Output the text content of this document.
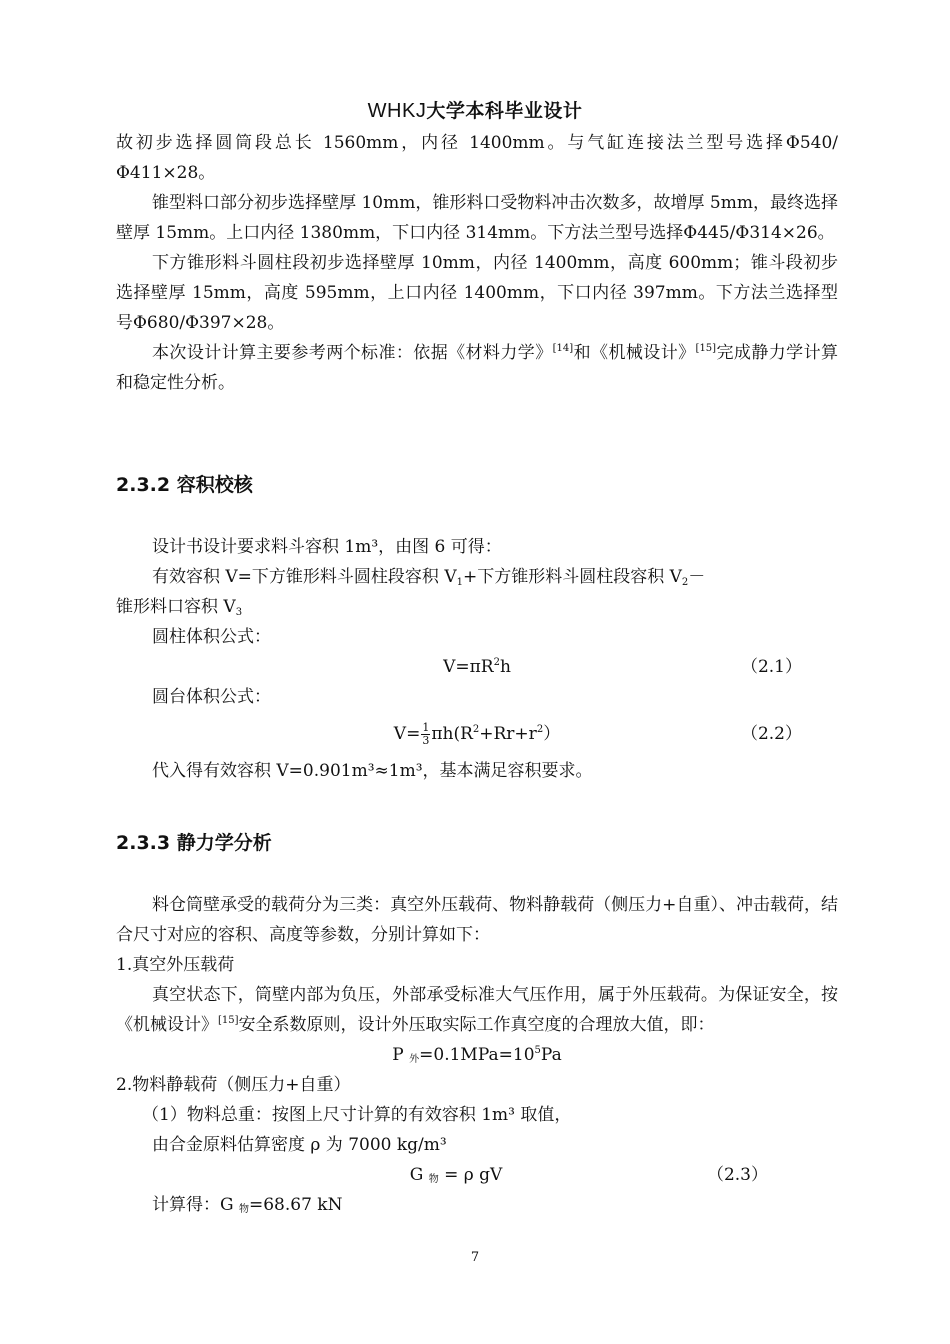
WHKJ大学本科毕业设计

故初步选择圆筒段总长 1560mm，内径 1400mm。与气缸连接法兰型号选择Φ540/Φ411×28。

锥型料口部分初步选择壁厚 10mm，锥形料口受物料冲击次数多，故增厚 5mm，最终选择壁厚 15mm。上口内径 1380mm，下口内径 314mm。下方法兰型号选择Φ445/Φ314×26。

下方锥形料斗圆柱段初步选择壁厚 10mm，内径 1400mm，高度 600mm；锥斗段初步选择壁厚 15mm，高度 595mm，上口内径 1400mm，下口内径 397mm。下方法兰选择型号Φ680/Φ397×28。

本次设计计算主要参考两个标准：依据《材料力学》[14]和《机械设计》[15]完成静力学计算和稳定性分析。

2.3.2 容积校核

设计书设计要求料斗容积 1m³，由图 6 可得：

有效容积 V=下方锥形料斗圆柱段容积 $V_1+$下方锥形料斗圆柱段容积 $V_2-$

锥形料口容积 $V_3$

圆柱体积公式：

$V=\pi R^2h$	（2.1）

圆台体积公式：

$V= \frac{1}{3} \pi h(R^2+Rr+r^2)$	（2.2）

代入得有效容积 V=0.901m³≈1m³，基本满足容积要求。

2.3.3 静力学分析

料仓筒壁承受的载荷分为三类：真空外压载荷、物料静载荷（侧压力+自重）、冲击载荷，结合尺寸对应的容积、高度等参数，分别计算如下：

1.真空外压载荷

真空状态下，筒壁内部为负压，外部承受标准大气压作用，属于外压载荷。为保证安全，按《机械设计》[15]安全系数原则，设计外压取实际工作真空度的合理放大值，即：

P 外$=0.1MPa=10^5Pa$

2.物料静载荷（侧压力+自重）

（1）物料总重：按图上尺寸计算的有效容积 1m³ 取值，

由合金原料估算密度 ρ 为 7000 kg/m³

G 物 = ρ gV	（2.3）

计算得：G 物=68.67 kN

7
